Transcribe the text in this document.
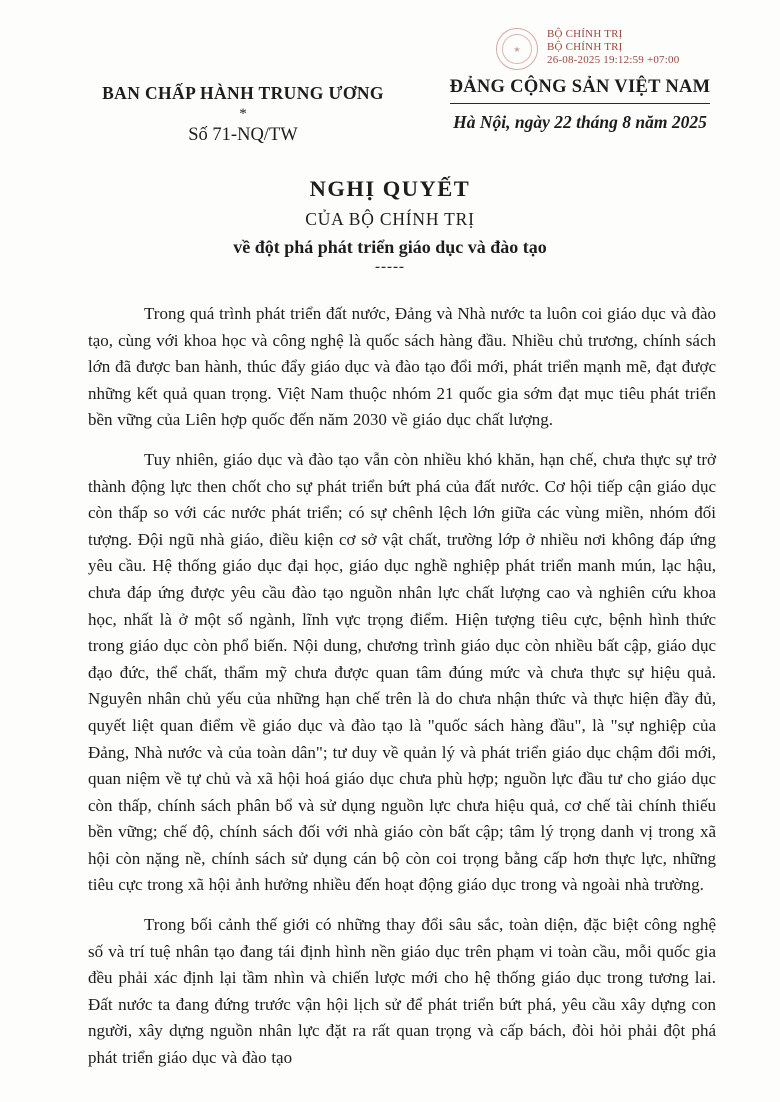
★
BỘ CHÍNH TRỊ
BỘ CHÍNH TRỊ
26-08-2025 19:12:59 +07:00
BAN CHẤP HÀNH TRUNG ƯƠNG
*
Số 71-NQ/TW
ĐẢNG CỘNG SẢN VIỆT NAM
Hà Nội, ngày 22 tháng 8 năm 2025
NGHỊ QUYẾT
CỦA BỘ CHÍNH TRỊ
về đột phá phát triển giáo dục và đào tạo
-----

Trong quá trình phát triển đất nước, Đảng và Nhà nước ta luôn coi giáo dục và đào tạo, cùng với khoa học và công nghệ là quốc sách hàng đầu. Nhiều chủ trương, chính sách lớn đã được ban hành, thúc đẩy giáo dục và đào tạo đổi mới, phát triển mạnh mẽ, đạt được những kết quả quan trọng. Việt Nam thuộc nhóm 21 quốc gia sớm đạt mục tiêu phát triển bền vững của Liên hợp quốc đến năm 2030 về giáo dục chất lượng.

Tuy nhiên, giáo dục và đào tạo vẫn còn nhiều khó khăn, hạn chế, chưa thực sự trở thành động lực then chốt cho sự phát triển bứt phá của đất nước. Cơ hội tiếp cận giáo dục còn thấp so với các nước phát triển; có sự chênh lệch lớn giữa các vùng miền, nhóm đối tượng. Đội ngũ nhà giáo, điều kiện cơ sở vật chất, trường lớp ở nhiều nơi không đáp ứng yêu cầu. Hệ thống giáo dục đại học, giáo dục nghề nghiệp phát triển manh mún, lạc hậu, chưa đáp ứng được yêu cầu đào tạo nguồn nhân lực chất lượng cao và nghiên cứu khoa học, nhất là ở một số ngành, lĩnh vực trọng điểm. Hiện tượng tiêu cực, bệnh hình thức trong giáo dục còn phổ biến. Nội dung, chương trình giáo dục còn nhiều bất cập, giáo dục đạo đức, thể chất, thẩm mỹ chưa được quan tâm đúng mức và chưa thực sự hiệu quả. Nguyên nhân chủ yếu của những hạn chế trên là do chưa nhận thức và thực hiện đầy đủ, quyết liệt quan điểm về giáo dục và đào tạo là "quốc sách hàng đầu", là "sự nghiệp của Đảng, Nhà nước và của toàn dân"; tư duy về quản lý và phát triển giáo dục chậm đổi mới, quan niệm về tự chủ và xã hội hoá giáo dục chưa phù hợp; nguồn lực đầu tư cho giáo dục còn thấp, chính sách phân bổ và sử dụng nguồn lực chưa hiệu quả, cơ chế tài chính thiếu bền vững; chế độ, chính sách đối với nhà giáo còn bất cập; tâm lý trọng danh vị trong xã hội còn nặng nề, chính sách sử dụng cán bộ còn coi trọng bằng cấp hơn thực lực, những tiêu cực trong xã hội ảnh hưởng nhiều đến hoạt động giáo dục trong và ngoài nhà trường.

Trong bối cảnh thế giới có những thay đổi sâu sắc, toàn diện, đặc biệt công nghệ số và trí tuệ nhân tạo đang tái định hình nền giáo dục trên phạm vi toàn cầu, mỗi quốc gia đều phải xác định lại tầm nhìn và chiến lược mới cho hệ thống giáo dục trong tương lai. Đất nước ta đang đứng trước vận hội lịch sử để phát triển bứt phá, yêu cầu xây dựng con người, xây dựng nguồn nhân lực đặt ra rất quan trọng và cấp bách, đòi hỏi phải đột phá phát triển giáo dục và đào tạo
